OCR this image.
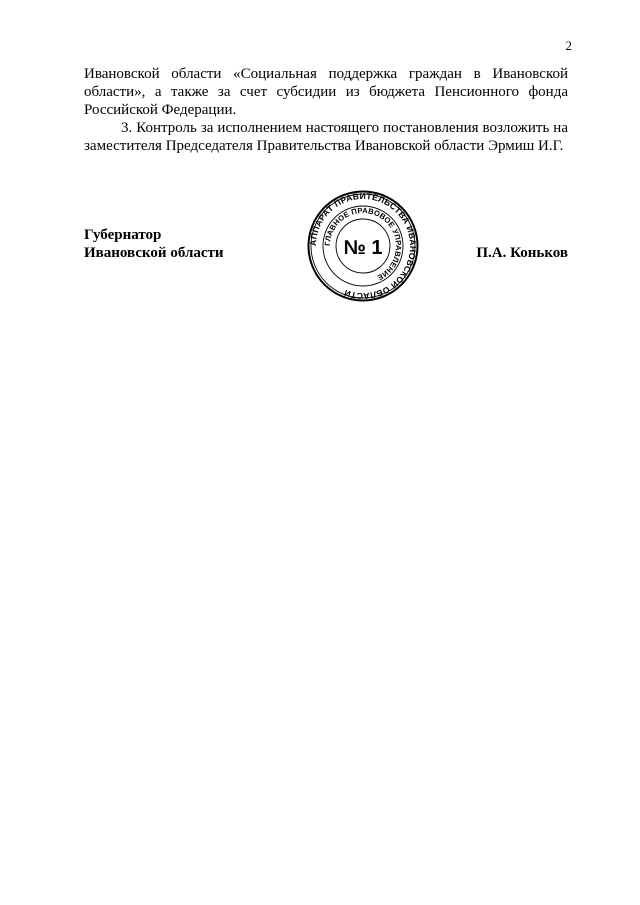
2

Ивановской области «Социальная поддержка граждан в Ивановской области», а также за счет субсидии из бюджета Пенсионного фонда Российской Федерации.

3. Контроль за исполнением настоящего постановления возложить на заместителя Председателя Правительства Ивановской области Эрмиш И.Г.

Губернатор
Ивановской области
АППАРАТ ПРАВИТЕЛЬСТВА ИВАНОВСКОЙ ОБЛАСТИ
ГЛАВНОЕ ПРАВОВОЕ УПРАВЛЕНИЕ
№ 1	П.А. Коньков
